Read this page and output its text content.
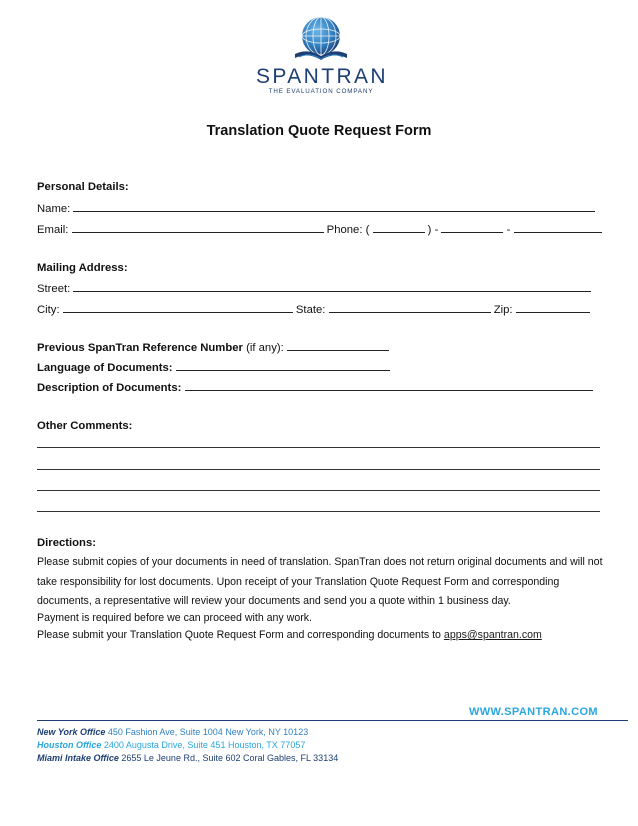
SPANTRAN
THE EVALUATION COMPANY
Translation Quote Request Form
Personal Details:
Name:
Email:	Phone: (	) -	-
Mailing Address:
Street:
City:	State:	Zip:
Previous SpanTran Reference Number (if any):
Language of Documents:
Description of Documents:
Other Comments:
Directions:
Please submit copies of your documents in need of translation. SpanTran does not return original documents and will not
take responsibility for lost documents. Upon receipt of your Translation Quote Request Form and corresponding
documents, a representative will review your documents and send you a quote within 1 business day.
Payment is required before we can proceed with any work.
Please submit your Translation Quote Request Form and corresponding documents to apps@spantran.com
WWW.SPANTRAN.COM
New York Office 450 Fashion Ave, Suite 1004 New York, NY 10123
Houston Office 2400 Augusta Drive, Suite 451 Houston, TX 77057
Miami Intake Office 2655 Le Jeune Rd., Suite 602 Coral Gables, FL 33134
